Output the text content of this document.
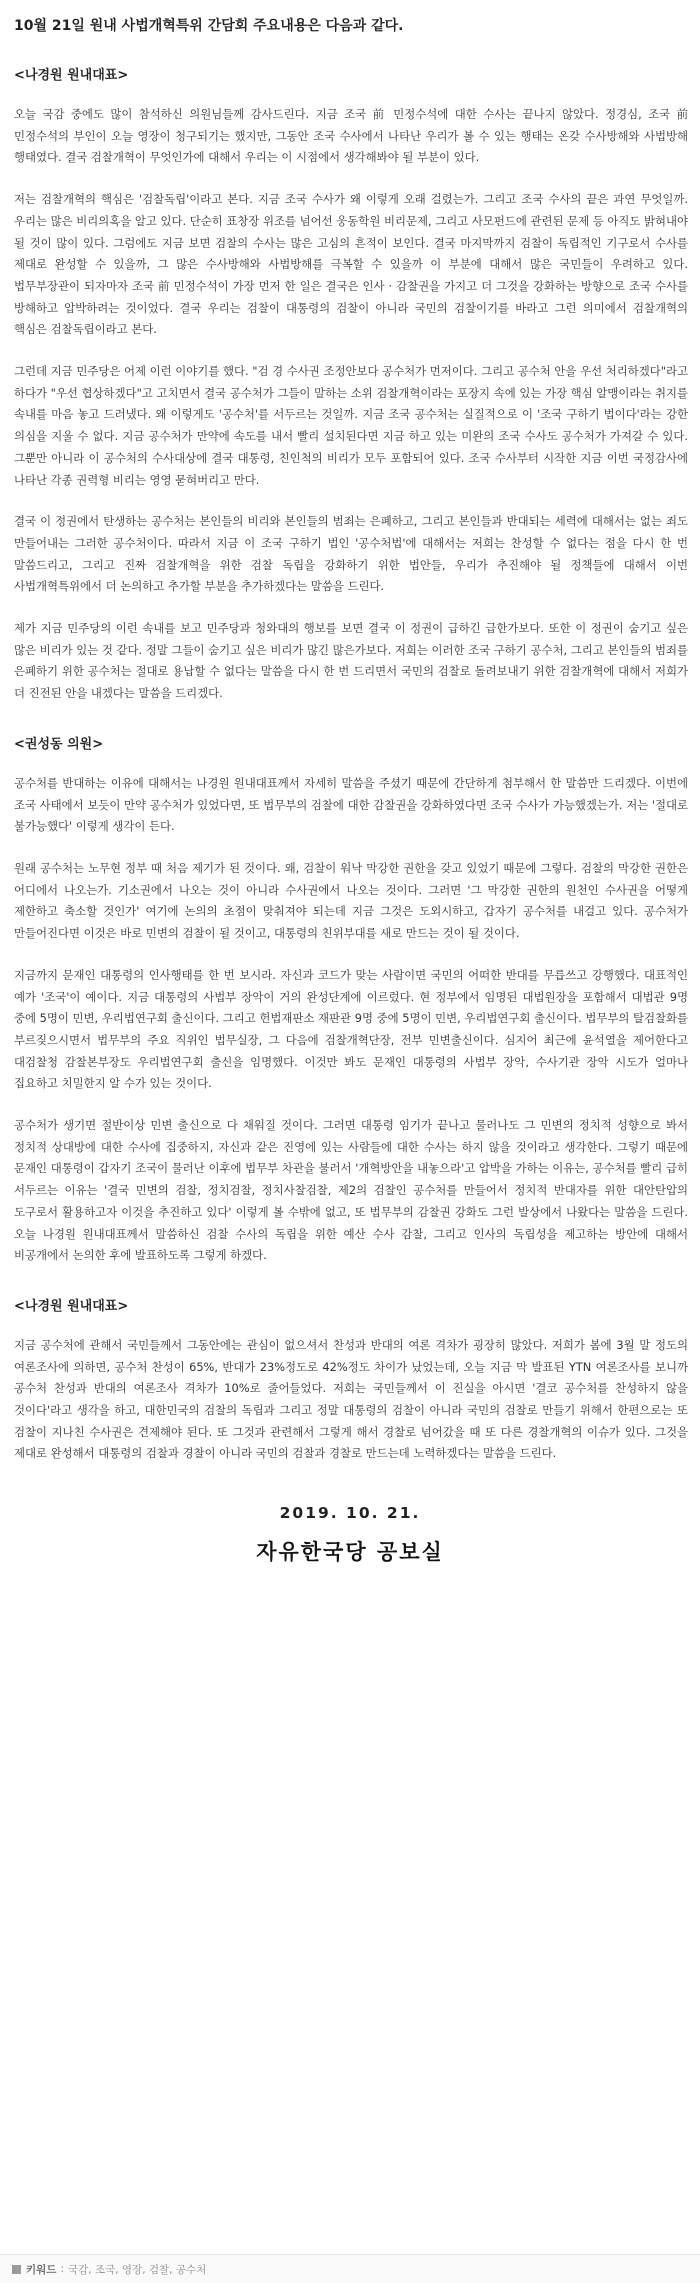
10월 21일 원내 사법개혁특위 간담회 주요내용은 다음과 같다.
<나경원 원내대표>

오늘 국감 중에도 많이 참석하신 의원님들께 감사드린다. 지금 조국 前 민정수석에 대한 수사는 끝나지 않았다. 정경심, 조국 前 민정수석의 부인이 오늘 영장이 청구되기는 했지만, 그동안 조국 수사에서 나타난 우리가 볼 수 있는 행태는 온갖 수사방해와 사법방해 행태였다. 결국 검찰개혁이 무엇인가에 대해서 우리는 이 시점에서 생각해봐야 될 부분이 있다.

저는 검찰개혁의 핵심은 '검찰독립'이라고 본다. 지금 조국 수사가 왜 이렇게 오래 걸렸는가. 그리고 조국 수사의 끝은 과연 무엇일까. 우리는 많은 비리의혹을 알고 있다. 단순히 표창장 위조를 넘어선 웅동학원 비리문제, 그리고 사모펀드에 관련된 문제 등 아직도 밝혀내야 될 것이 많이 있다. 그럼에도 지금 보면 검찰의 수사는 많은 고심의 흔적이 보인다. 결국 마지막까지 검찰이 독립적인 기구로서 수사를 제대로 완성할 수 있을까, 그 많은 수사방해와 사법방해를 극복할 수 있을까 이 부분에 대해서 많은 국민들이 우려하고 있다. 법무부장관이 되자마자 조국 前 민정수석이 가장 먼저 한 일은 결국은 인사 · 감찰권을 가지고 더 그것을 강화하는 방향으로 조국 수사를 방해하고 압박하려는 것이었다. 결국 우리는 검찰이 대통령의 검찰이 아니라 국민의 검찰이기를 바라고 그런 의미에서 검찰개혁의 핵심은 검찰독립이라고 본다.

그런데 지금 민주당은 어제 이런 이야기를 했다. "검 경 수사권 조정안보다 공수처가 먼저이다. 그리고 공수처 안을 우선 처리하겠다"라고 하다가 "우선 협상하겠다"고 고치면서 결국 공수처가 그들이 말하는 소위 검찰개혁이라는 포장지 속에 있는 가장 핵심 알맹이라는 취지를 속내를 마음 놓고 드러냈다. 왜 이렇게도 '공수처'를 서두르는 것일까. 지금 조국 공수처는 실질적으로 이 '조국 구하기 법이다'라는 강한 의심을 지울 수 없다. 지금 공수처가 만약에 속도를 내서 빨리 설치된다면 지금 하고 있는 미완의 조국 수사도 공수처가 가져갈 수 있다. 그뿐만 아니라 이 공수처의 수사대상에 결국 대통령, 친인척의 비리가 모두 포함되어 있다. 조국 수사부터 시작한 지금 이번 국정감사에 나타난 각종 권력형 비리는 영영 묻혀버리고 만다.

결국 이 정권에서 탄생하는 공수처는 본인들의 비리와 본인들의 범죄는 은폐하고, 그리고 본인들과 반대되는 세력에 대해서는 없는 죄도 만들어내는 그러한 공수처이다. 따라서 지금 이 조국 구하기 법인 '공수처법'에 대해서는 저희는 찬성할 수 없다는 점을 다시 한 번 말씀드리고, 그리고 진짜 검찰개혁을 위한 검찰 독립을 강화하기 위한 법안들, 우리가 추진해야 될 정책들에 대해서 이번 사법개혁특위에서 더 논의하고 추가할 부분을 추가하겠다는 말씀을 드린다.

제가 지금 민주당의 이런 속내를 보고 민주당과 청와대의 행보를 보면 결국 이 정권이 급하긴 급한가보다. 또한 이 정권이 숨기고 싶은 많은 비리가 있는 것 같다. 정말 그들이 숨기고 싶은 비리가 많긴 많은가보다. 저희는 이러한 조국 구하기 공수처, 그리고 본인들의 범죄를 은폐하기 위한 공수처는 절대로 용납할 수 없다는 말씀을 다시 한 번 드리면서 국민의 검찰로 돌려보내기 위한 검찰개혁에 대해서 저희가 더 진전된 안을 내겠다는 말씀을 드리겠다.

<권성동 의원>

공수처를 반대하는 이유에 대해서는 나경원 원내대표께서 자세히 말씀을 주셨기 때문에 간단하게 첨부해서 한 말씀만 드리겠다. 이번에 조국 사태에서 보듯이 만약 공수처가 있었다면, 또 법무부의 검찰에 대한 감찰권을 강화하였다면 조국 수사가 가능했겠는가. 저는 '절대로 불가능했다' 이렇게 생각이 든다.

원래 공수처는 노무현 정부 때 처음 제기가 된 것이다. 왜, 검찰이 워낙 막강한 권한을 갖고 있었기 때문에 그렇다. 검찰의 막강한 권한은 어디에서 나오는가. 기소권에서 나오는 것이 아니라 수사권에서 나오는 것이다. 그러면 '그 막강한 권한의 원천인 수사권을 어떻게 제한하고 축소할 것인가' 여기에 논의의 초점이 맞춰져야 되는데 지금 그것은 도외시하고, 갑자기 공수처를 내걸고 있다. 공수처가 만들어진다면 이것은 바로 민변의 검찰이 될 것이고, 대통령의 친위부대를 새로 만드는 것이 될 것이다.

지금까지 문재인 대통령의 인사행태를 한 번 보시라. 자신과 코드가 맞는 사람이면 국민의 어떠한 반대를 무릅쓰고 강행했다. 대표적인 예가 '조국'이 예이다. 지금 대통령의 사법부 장악이 거의 완성단계에 이르렀다. 현 정부에서 임명된 대법원장을 포함해서 대법관 9명 중에 5명이 민변, 우리법연구회 출신이다. 그리고 헌법재판소 재판관 9명 중에 5명이 민변, 우리법연구회 출신이다. 법무부의 탈검찰화를 부르짖으시면서 법무부의 주요 직위인 법무실장, 그 다음에 검찰개혁단장, 전부 민변출신이다. 심지어 최근에 윤석열을 제어한다고 대검찰청 감찰본부장도 우리법연구회 출신을 임명했다. 이것만 봐도 문재인 대통령의 사법부 장악, 수사기관 장악 시도가 얼마나 집요하고 치밀한지 알 수가 있는 것이다.

공수처가 생기면 절반이상 민변 출신으로 다 채워질 것이다. 그러면 대통령 임기가 끝나고 물러나도 그 민변의 정치적 성향으로 봐서 정치적 상대방에 대한 수사에 집중하지, 자신과 같은 진영에 있는 사람들에 대한 수사는 하지 않을 것이라고 생각한다. 그렇기 때문에 문재인 대통령이 갑자기 조국이 물러난 이후에 법무부 차관을 불러서 '개혁방안을 내놓으라'고 압박을 가하는 이유는, 공수처를 빨리 급히 서두르는 이유는 '결국 민변의 검찰, 정치검찰, 정치사찰검찰, 제2의 검찰인 공수처를 만들어서 정치적 반대자를 위한 대안탄압의 도구로서 활용하고자 이것을 추진하고 있다' 이렇게 볼 수밖에 없고, 또 법무부의 감찰권 강화도 그런 발상에서 나왔다는 말씀을 드린다. 오늘 나경원 원내대표께서 말씀하신 검찰 수사의 독립을 위한 예산 수사 감찰, 그리고 인사의 독립성을 제고하는 방안에 대해서 비공개에서 논의한 후에 발표하도록 그렇게 하겠다.

<나경원 원내대표>

지금 공수처에 관해서 국민들께서 그동안에는 관심이 없으셔서 찬성과 반대의 여론 격차가 굉장히 많았다. 저희가 봄에 3월 말 정도의 여론조사에 의하면, 공수처 찬성이 65%, 반대가 23%정도로 42%정도 차이가 났었는데, 오늘 지금 막 발표된 YTN 여론조사를 보니까 공수처 찬성과 반대의 여론조사 격차가 10%로 줄어들었다. 저희는 국민들께서 이 진실을 아시면 '결코 공수처를 찬성하지 않을 것이다'라고 생각을 하고, 대한민국의 검찰의 독립과 그리고 정말 대통령의 검찰이 아니라 국민의 검찰로 만들기 위해서 한편으로는 또 검찰이 지나친 수사권은 견제해야 된다. 또 그것과 관련해서 그렇게 해서 경찰로 넘어갔을 때 또 다른 경찰개혁의 이슈가 있다. 그것을 제대로 완성해서 대통령의 검찰과 경찰이 아니라 국민의 검찰과 경찰로 만드는데 노력하겠다는 말씀을 드린다.

2019. 10. 21.
자유한국당 공보실
키워드 : 국감, 조국, 영장, 검찰, 공수처
